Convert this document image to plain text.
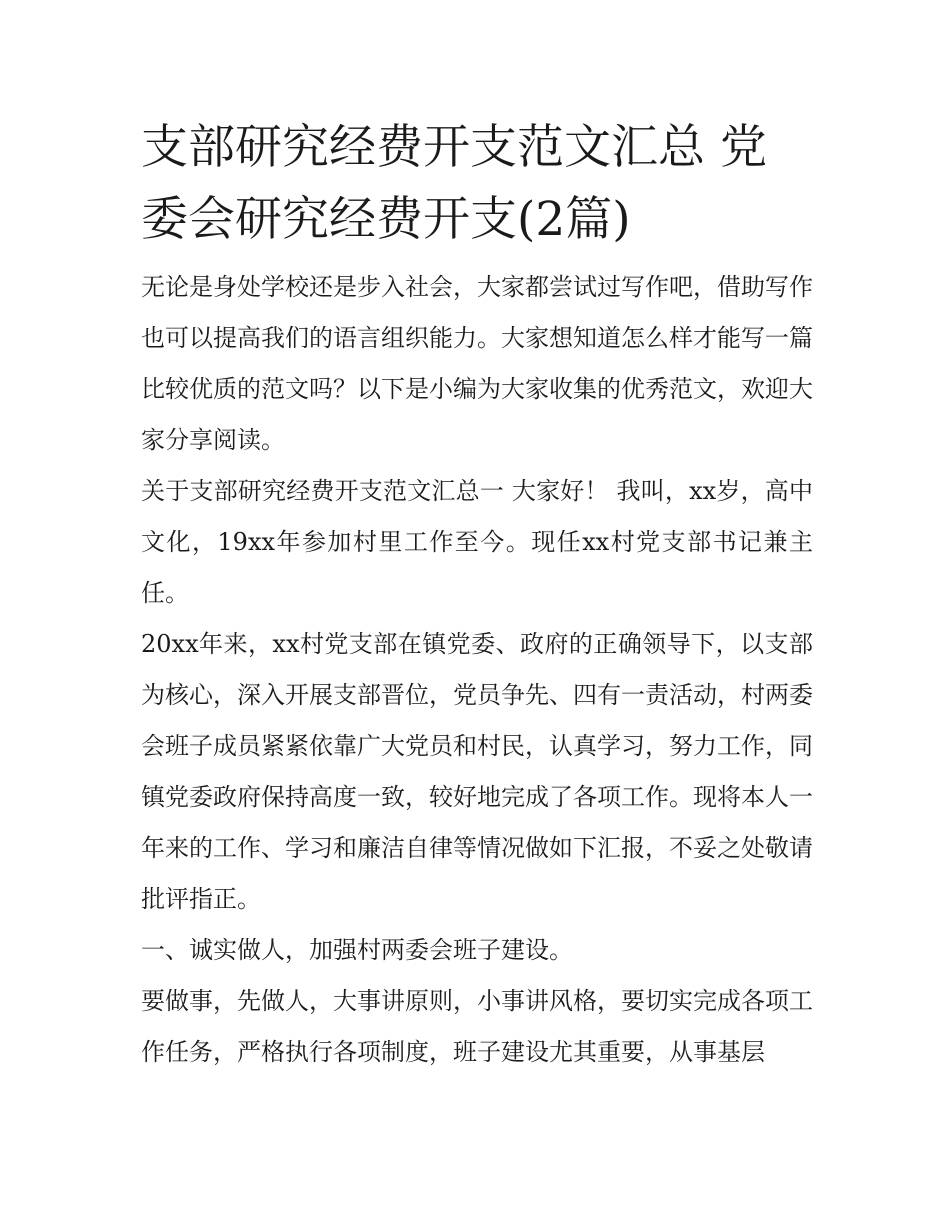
支部研究经费开支范文汇总 党委会研究经费开支(2篇)

无论是身处学校还是步入社会，大家都尝试过写作吧，借助写作也可以提高我们的语言组织能力。大家想知道怎么样才能写一篇比较优质的范文吗？以下是小编为大家收集的优秀范文，欢迎大家分享阅读。

关于支部研究经费开支范文汇总一 大家好！ 我叫，xx岁，高中文化，19xx年参加村里工作至今。现任xx村党支部书记兼主任。

20xx年来，xx村党支部在镇党委、政府的正确领导下，以支部为核心，深入开展支部晋位，党员争先、四有一责活动，村两委会班子成员紧紧依靠广大党员和村民，认真学习，努力工作，同镇党委政府保持高度一致，较好地完成了各项工作。现将本人一年来的工作、学习和廉洁自律等情况做如下汇报，不妥之处敬请批评指正。

一、诚实做人，加强村两委会班子建设。

要做事，先做人，大事讲原则，小事讲风格，要切实完成各项工作任务，严格执行各项制度，班子建设尤其重要，从事基层
